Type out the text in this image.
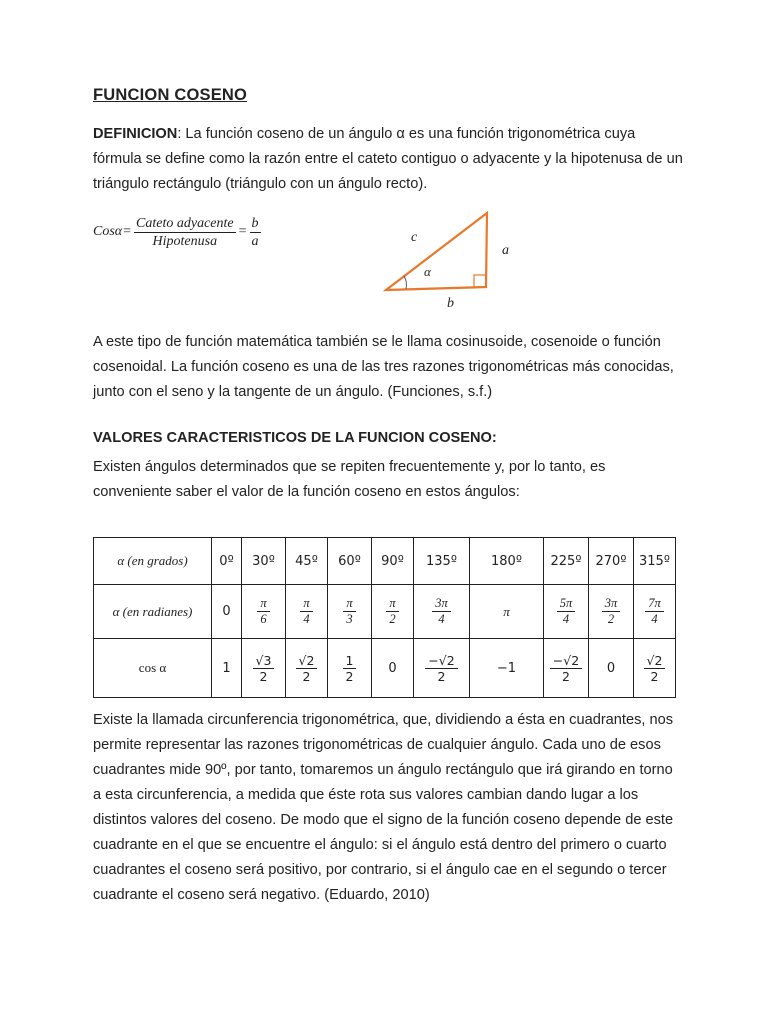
FUNCION COSENO
DEFINICION: La función coseno de un ángulo α es una función trigonométrica cuya fórmula se define como la razón entre el cateto contiguo o adyacente y la hipotenusa de un triángulo rectángulo (triángulo con un ángulo recto).
$Cos\alpha = \frac{\text{Cateto adyacente}}{\text{Hipotenusa}} = \frac{b}{a}$	c
a
b
α
A este tipo de función matemática también se le llama cosinusoide, cosenoide o función cosenoidal. La función coseno es una de las tres razones trigonométricas más conocidas, junto con el seno y la tangente de un ángulo. (Funciones, s.f.)
VALORES CARACTERISTICOS DE LA FUNCION COSENO:
Existen ángulos determinados que se repiten frecuentemente y, por lo tanto, es conveniente saber el valor de la función coseno en estos ángulos:
α (en grados)	0º	30º	45º	60º	90º	135º	180º	225º	270º	315º
α (en radianes)	0	$\frac{\pi}{6}$	$\frac{\pi}{4}$	$\frac{\pi}{3}$	$\frac{\pi}{2}$	$\frac{3\pi}{4}$	π	$\frac{5\pi}{4}$	$\frac{3\pi}{2}$	$\frac{7\pi}{4}$

cos α	1	$\frac{√3}{2}$	$\frac{√2}{2}$	$\frac{1}{2}$	0	$\frac{-√2}{2}$	−1	$\frac{-√2}{2}$	0	$\frac{√2}{2}$
Existe la llamada circunferencia trigonométrica, que, dividiendo a ésta en cuadrantes, nos permite representar las razones trigonométricas de cualquier ángulo. Cada uno de esos cuadrantes mide 90º, por tanto, tomaremos un ángulo rectángulo que irá girando en torno a esta circunferencia, a medida que éste rota sus valores cambian dando lugar a los distintos valores del coseno. De modo que el signo de la función coseno depende de este cuadrante en el que se encuentre el ángulo: si el ángulo está dentro del primero o cuarto cuadrantes el coseno será positivo, por contrario, si el ángulo cae en el segundo o tercer cuadrante el coseno será negativo. (Eduardo, 2010)
